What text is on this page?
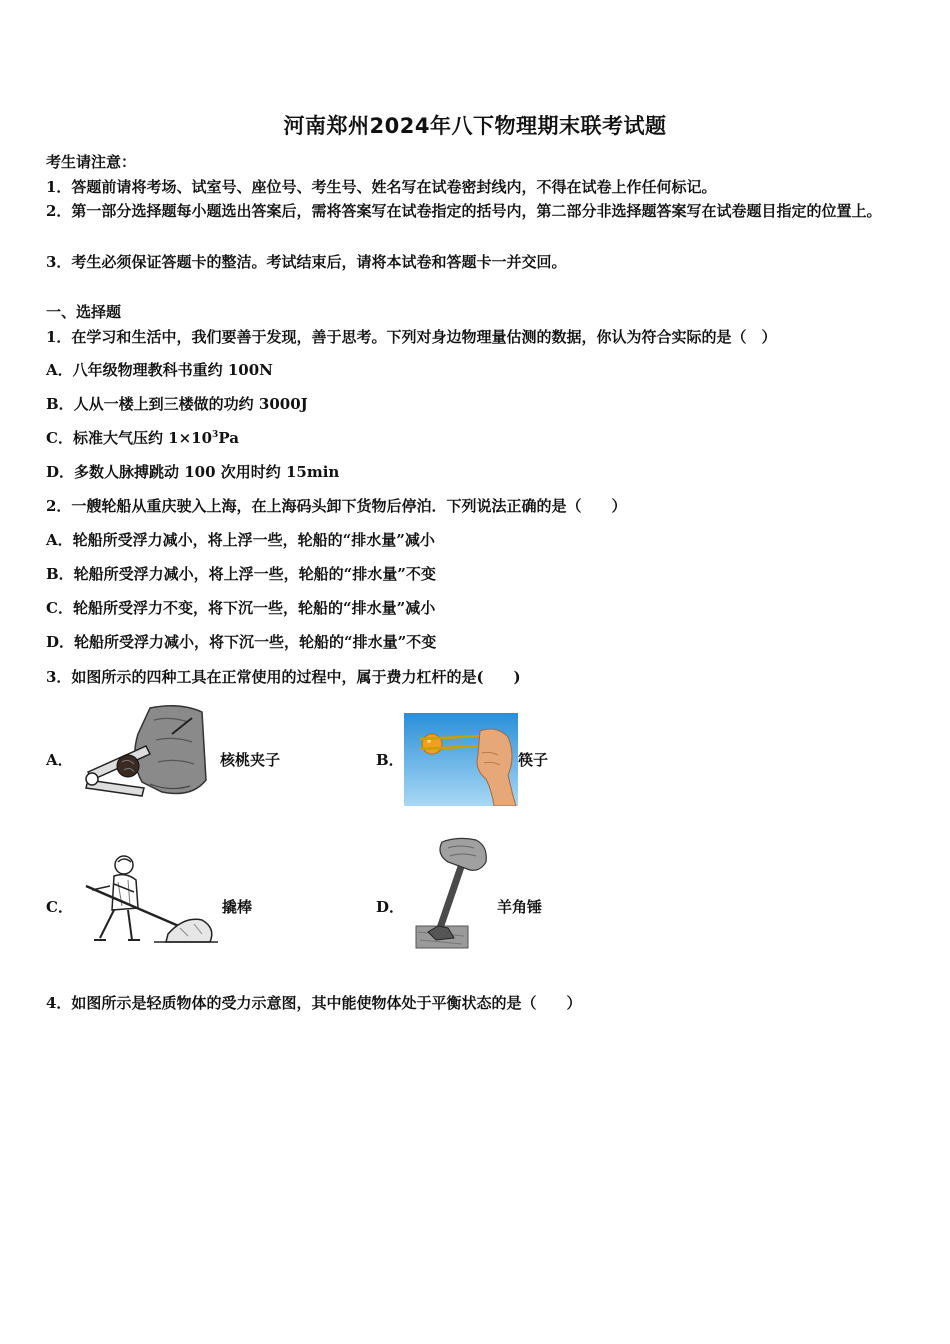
河南郑州2024年八下物理期末联考试题
考生请注意：
1．答题前请将考场、试室号、座位号、考生号、姓名写在试卷密封线内，不得在试卷上作任何标记。
2．第一部分选择题每小题选出答案后，需将答案写在试卷指定的括号内，第二部分非选择题答案写在试卷题目指定的位置上。
3．考生必须保证答题卡的整洁。考试结束后，请将本试卷和答题卡一并交回。
一、选择题
1．在学习和生活中，我们要善于发现，善于思考。下列对身边物理量估测的数据，你认为符合实际的是（　）
A．八年级物理教科书重约 100N
B．人从一楼上到三楼做的功约 3000J
C．标准大气压约 $1\times 10^3Pa$
D．多数人脉搏跳动 100 次用时约 15min
2．一艘轮船从重庆驶入上海，在上海码头卸下货物后停泊．下列说法正确的是（　　）
A．轮船所受浮力减小，将上浮一些，轮船的“排水量”减小
B．轮船所受浮力减小，将上浮一些，轮船的“排水量”不变
C．轮船所受浮力不变，将下沉一些，轮船的“排水量”减小
D．轮船所受浮力减小，将下沉一些，轮船的“排水量”不变
3．如图所示的四种工具在正常使用的过程中，属于费力杠杆的是(　　)
A．	核桃夹子	B．	筷子
C．	撬棒	D．	羊角锤
4．如图所示是轻质物体的受力示意图，其中能使物体处于平衡状态的是（　　）
